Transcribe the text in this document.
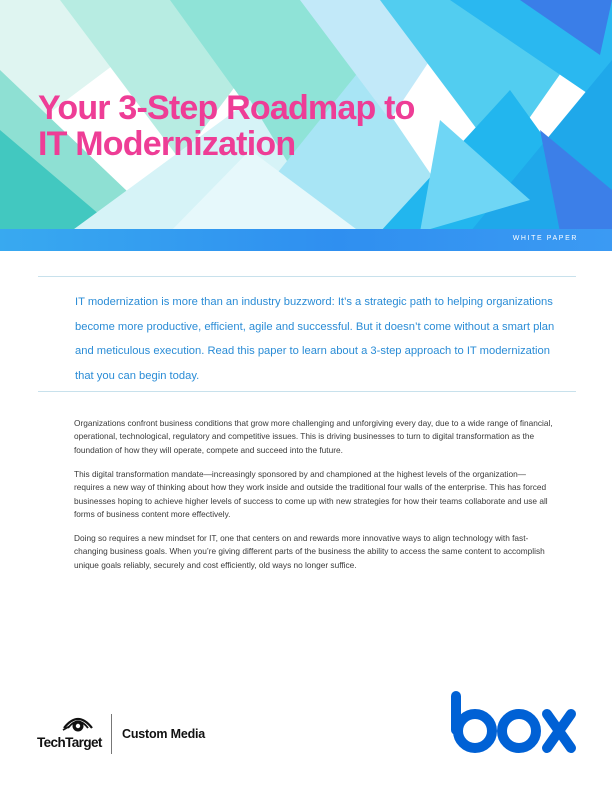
Your 3-Step Roadmap to
IT Modernization
WHITE PAPER

IT modernization is more than an industry buzzword: It’s a strategic path to helping organizations become more productive, efficient, agile and successful. But it doesn’t come without a smart plan and meticulous execution. Read this paper to learn about a 3-step approach to IT modernization that you can begin today.

Organizations confront business conditions that grow more challenging and unforgiving every day, due to a wide range of financial, operational, technological, regulatory and competitive issues. This is driving businesses to turn to digital transformation as the foundation of how they will operate, compete and succeed into the future.

This digital transformation mandate—increasingly sponsored by and championed at the highest levels of the organization—requires a new way of thinking about how they work inside and outside the traditional four walls of the enterprise. This has forced businesses hoping to achieve higher levels of success to come up with new strategies for how their teams collaborate and use all forms of business content more effectively.

Doing so requires a new mindset for IT, one that centers on and rewards more innovative ways to align technology with fast-changing business goals. When you’re giving different parts of the business the ability to access the same content to accomplish unique goals reliably, securely and cost efficiently, old ways no longer suffice.

TechTarget
Custom Media
box
